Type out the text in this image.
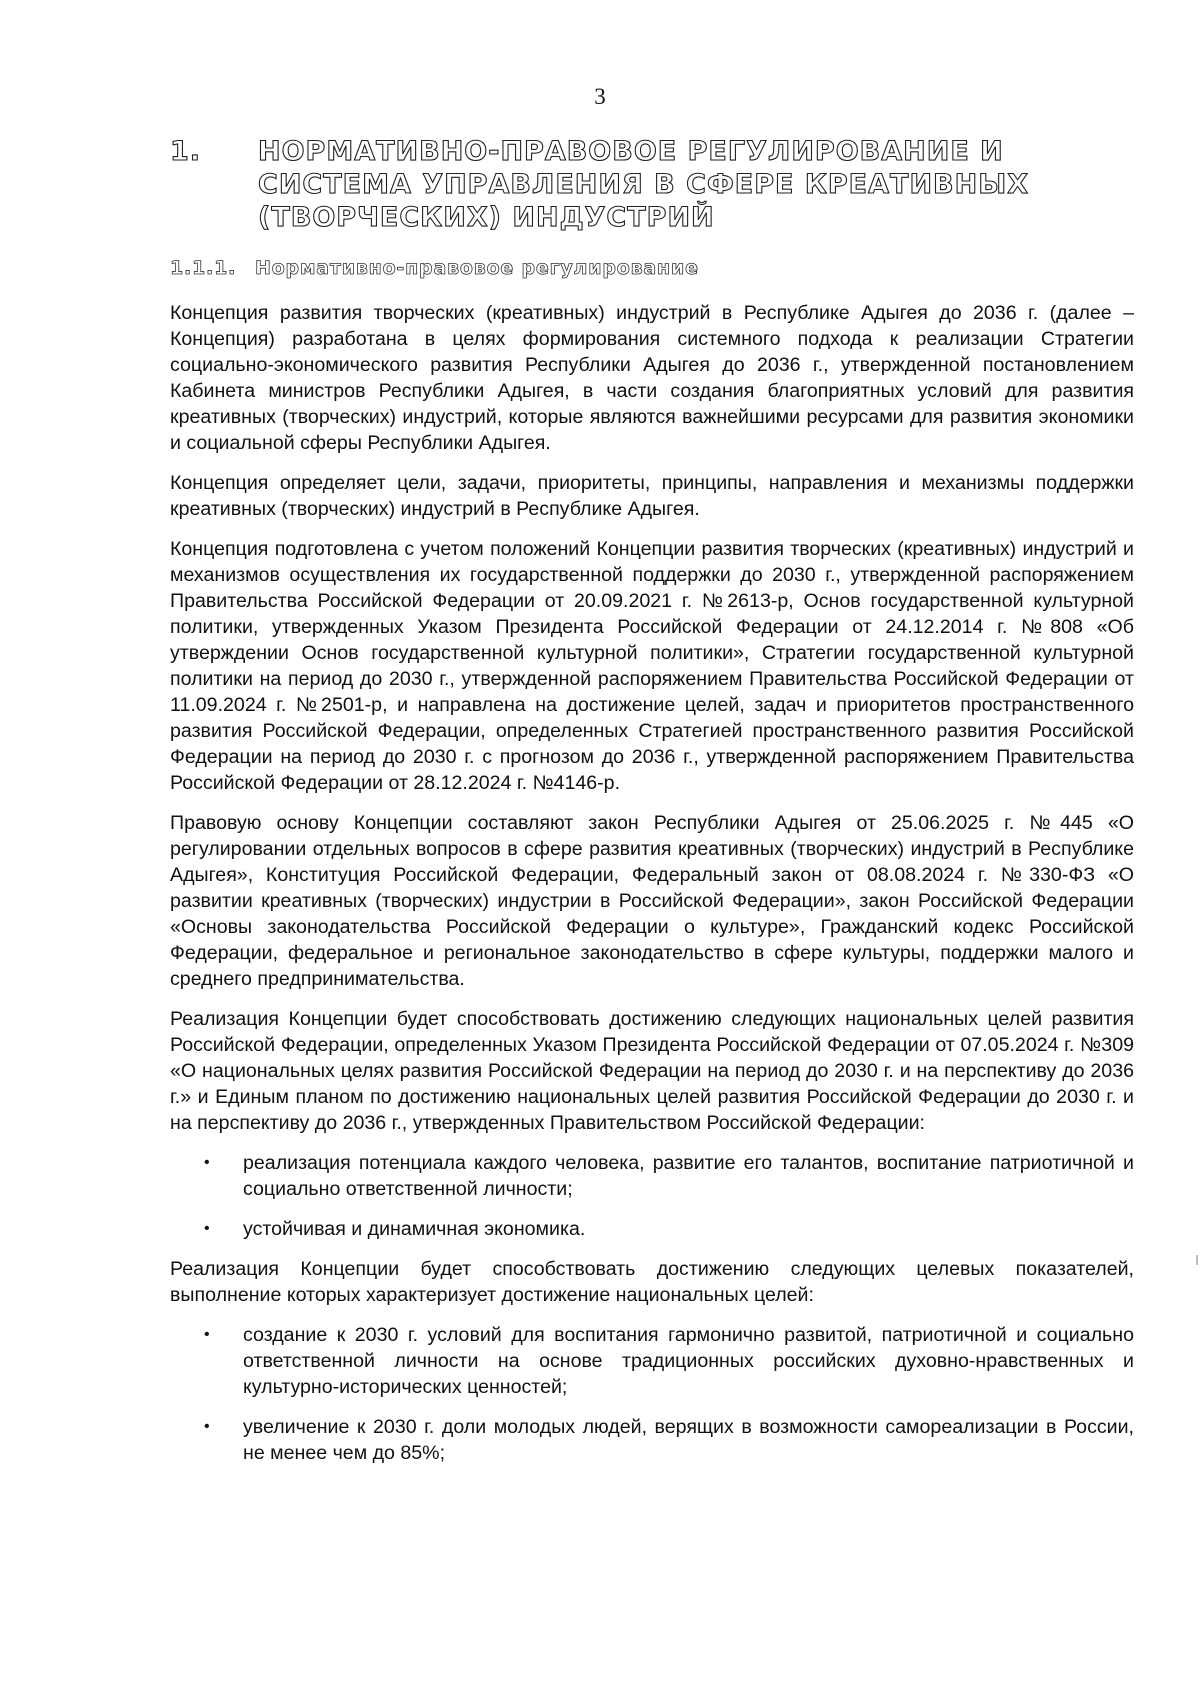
3
1.	НОРМАТИВНО-ПРАВОВОЕ РЕГУЛИРОВАНИЕ И СИСТЕМА УПРАВЛЕНИЯ В СФЕРЕ КРЕАТИВНЫХ (ТВОРЧЕСКИХ) ИНДУСТРИЙ
1.1.1. Нормативно-правовое регулирование

Концепция развития творческих (креативных) индустрий в Республике Адыгея до 2036 г. (далее – Концепция) разработана в целях формирования системного подхода к реализации Стратегии социально-экономического развития Республики Адыгея до 2036 г., утвержденной постановлением Кабинета министров Республики Адыгея, в части создания благоприятных условий для развития креативных (творческих) индустрий, которые являются важнейшими ресурсами для развития экономики и социальной сферы Республики Адыгея.

Концепция определяет цели, задачи, приоритеты, принципы, направления и механизмы поддержки креативных (творческих) индустрий в Республике Адыгея.

Концепция подготовлена с учетом положений Концепции развития творческих (креативных) индустрий и механизмов осуществления их государственной поддержки до 2030 г., утвержденной распоряжением Правительства Российской Федерации от 20.09.2021 г. №2613-р, Основ государственной культурной политики, утвержденных Указом Президента Российской Федерации от 24.12.2014 г. №808 «Об утверждении Основ государственной культурной политики», Стратегии государственной культурной политики на период до 2030 г., утвержденной распоряжением Правительства Российской Федерации от 11.09.2024 г. №2501-р, и направлена на достижение целей, задач и приоритетов пространственного развития Российской Федерации, определенных Стратегией пространственного развития Российской Федерации на период до 2030 г. с прогнозом до 2036 г., утвержденной распоряжением Правительства Российской Федерации от 28.12.2024 г. №4146-р.

Правовую основу Концепции составляют закон Республики Адыгея от 25.06.2025 г. №445 «О регулировании отдельных вопросов в сфере развития креативных (творческих) индустрий в Республике Адыгея», Конституция Российской Федерации, Федеральный закон от 08.08.2024 г. №330-ФЗ «О развитии креативных (творческих) индустрии в Российской Федерации», закон Российской Федерации «Основы законодательства Российской Федерации о культуре», Гражданский кодекс Российской Федерации, федеральное и региональное законодательство в сфере культуры, поддержки малого и среднего предпринимательства.

Реализация Концепции будет способствовать достижению следующих национальных целей развития Российской Федерации, определенных Указом Президента Российской Федерации от 07.05.2024 г. №309 «О национальных целях развития Российской Федерации на период до 2030 г. и на перспективу до 2036 г.» и Единым планом по достижению национальных целей развития Российской Федерации до 2030 г. и на перспективу до 2036 г., утвержденных Правительством Российской Федерации:

• реализация потенциала каждого человека, развитие его талантов, воспитание патриотичной и социально ответственной личности;
• устойчивая и динамичная экономика.

Реализация Концепции будет способствовать достижению следующих целевых показателей, выполнение которых характеризует достижение национальных целей:

• создание к 2030 г. условий для воспитания гармонично развитой, патриотичной и социально ответственной личности на основе традиционных российских духовно-нравственных и культурно-исторических ценностей;
• увеличение к 2030 г. доли молодых людей, верящих в возможности самореализации в России, не менее чем до 85%;
